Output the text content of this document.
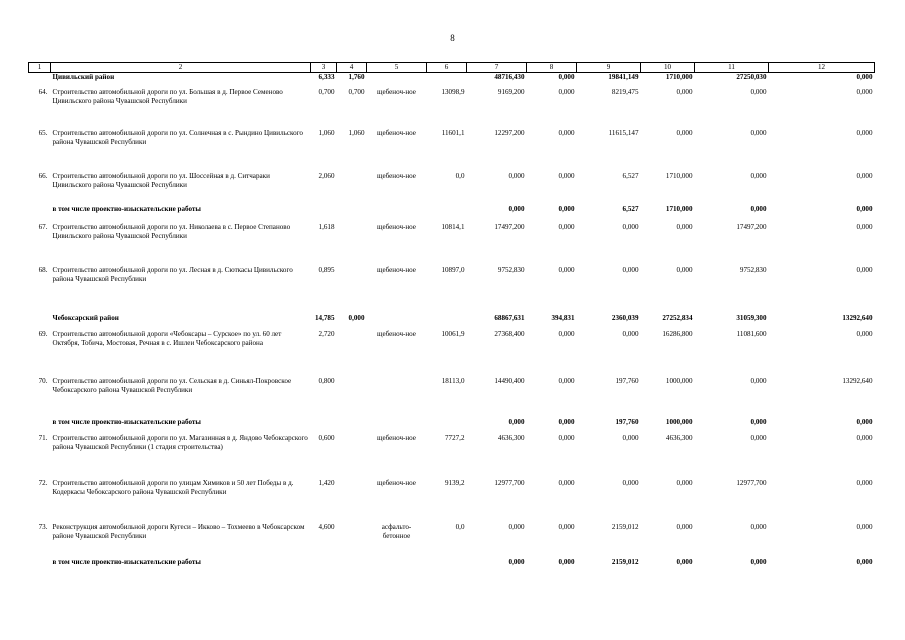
8
1	2	3	4	5	6	7	8	9	10	11	12
	Цивильский район	6,333	1,760			48716,430	0,000	19841,149	1710,000	27250,030	0,000
64.	Строительство автомобильной дороги по ул. Большая в д. Первое Семеново Цивильского района Чувашской Республики	0,700	0,700	щебеноч-ное	13098,9	9169,200	0,000	8219,475	0,000	0,000	0,000
65.	Строительство автомобильной дороги по ул. Солнечная в с. Рындино Цивильского района Чувашской Республики	1,060	1,060	щебеноч-ное	11601,1	12297,200	0,000	11615,147	0,000	0,000	0,000
66.	Строительство автомобильной дороги по ул. Шоссейная в д. Ситчараки Цивильского района Чувашской Республики	2,060		щебеноч-ное	0,0	0,000	0,000	6,527	1710,000	0,000	0,000
	в том числе проектно-изыскательские работы					0,000	0,000	6,527	1710,000	0,000	0,000
67.	Строительство автомобильной дороги по ул. Николаева в с. Первое Степаново Цивильского района Чувашской Республики	1,618		щебеноч-ное	10814,1	17497,200	0,000	0,000	0,000	17497,200	0,000
68.	Строительство автомобильной дороги по ул. Лесная в д. Сюткасы Цивильского района Чувашской Республики	0,895		щебеноч-ное	10897,0	9752,830	0,000	0,000	0,000	9752,830	0,000
	Чебоксарский район	14,785	0,000			68867,631	394,831	2360,039	27252,834	31059,300	13292,640
69.	Строительство автомобильной дороги «Чебоксары – Сурское» по ул. 60 лет Октября, Тобича, Мостовая, Речная в с. Ишлеи Чебоксарского района	2,720		щебеноч-ное	10061,9	27368,400	0,000	0,000	16286,800	11081,600	0,000
70.	Строительство автомобильной дороги по ул. Сельская в д. Синьял-Покровское Чебоксарского района Чувашской Республики	0,800			18113,0	14490,400	0,000	197,760	1000,000	0,000	13292,640
	в том числе проектно-изыскательские работы					0,000	0,000	197,760	1000,000	0,000	0,000
71.	Строительство автомобильной дороги по ул. Магазинная в д. Яндово Чебоксарского района Чувашской Республики (1 стадия строительства)	0,600		щебеноч-ное	7727,2	4636,300	0,000	0,000	4636,300	0,000	0,000
72.	Строительство автомобильной дороги по улицам Химиков и 50 лет Победы в д. Кодеркасы Чебоксарского района Чувашской Республики	1,420		щебеноч-ное	9139,2	12977,700	0,000	0,000	0,000	12977,700	0,000
73.	Реконструкция автомобильной дороги Кугеси – Икково – Тохмеево в Чебоксарском районе Чувашской Республики	4,600		асфальто-бетонное	0,0	0,000	0,000	2159,012	0,000	0,000	0,000
	в том числе проектно-изыскательские работы					0,000	0,000	2159,012	0,000	0,000	0,000
